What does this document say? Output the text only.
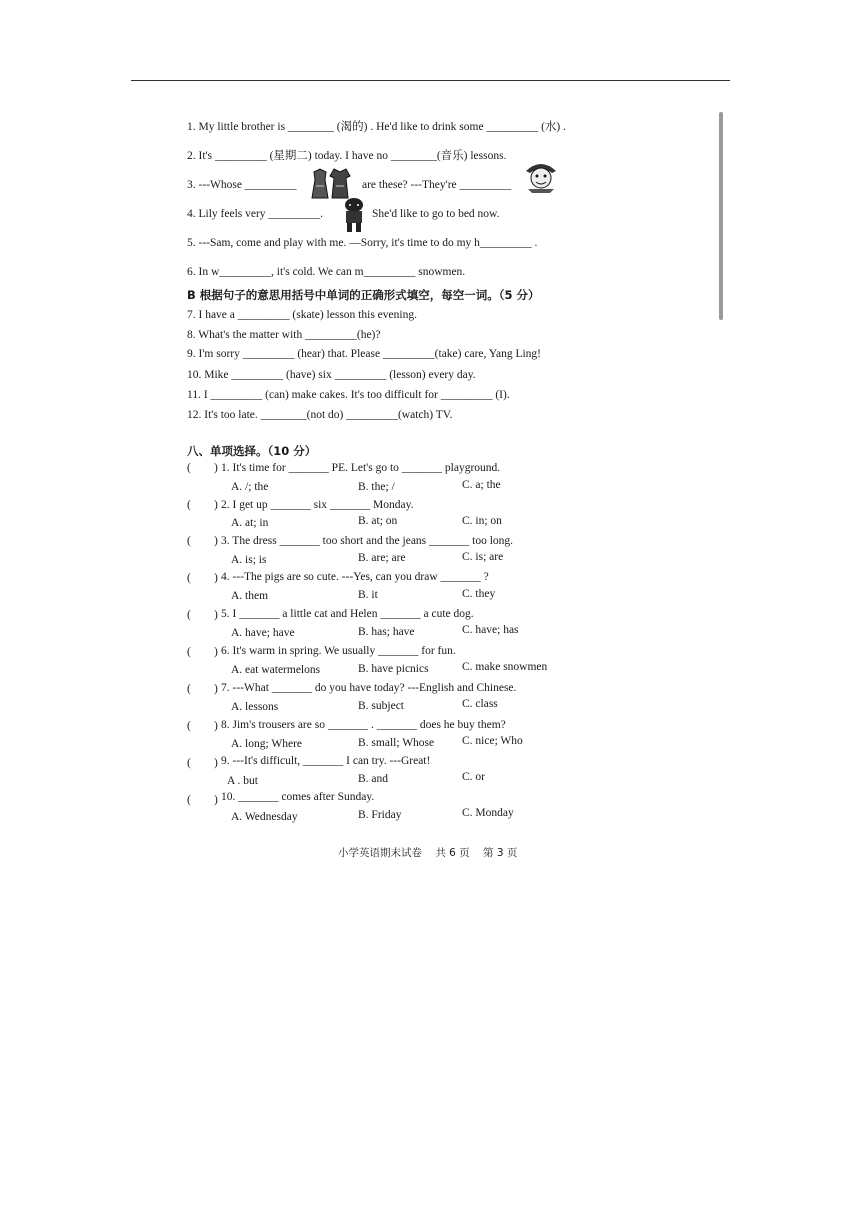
1. My little brother is ________ (渴的) . He'd like to drink some _________ (水) .
2. It's _________ (星期二) today. I have no ________(音乐) lessons.
3. ---Whose _________	are these? ---They're _________
4. Lily feels very _________.	She'd like to go to bed now.
5. ---Sam, come and play with me. —Sorry, it's time to do my h_________ .
6. In w_________, it's cold. We can m_________ snowmen.
B 根据句子的意思用括号中单词的正确形式填空，每空一词。（5 分）
7. I have a _________ (skate) lesson this evening.
8. What's the matter with _________(he)?
9. I'm sorry _________ (hear) that. Please _________(take) care, Yang Ling!
10. Mike _________ (have) six _________ (lesson) every day.
11. I _________ (can) make cakes. It's too difficult for _________ (I).
12. It's too late. ________(not do) _________(watch) TV.
八、单项选择。（10 分）
( ) 1. It's time for _______ PE. Let's go to _______ playground.
A. /; the	B. the; /	C. a; the
( ) 2. I get up _______ six _______ Monday.
A. at; in	B. at; on	C. in; on
( ) 3. The dress _______ too short and the jeans _______ too long.
A. is; is	B. are; are	C. is; are
( ) 4. ---The pigs are so cute. ---Yes, can you draw _______ ?
A. them	B. it	C. they
( ) 5. I _______ a little cat and Helen _______ a cute dog.
A. have; have	B. has; have	C. have; has
( ) 6. It's warm in spring. We usually _______ for fun.
A. eat watermelons	B. have picnics	C. make snowmen
( ) 7. ---What _______ do you have today? ---English and Chinese.
A. lessons	B. subject	C. class
( ) 8. Jim's trousers are so _______ . _______ does he buy them?
A. long; Where	B. small; Whose C. nice; Who
( ) 9. ---It's difficult, _______ I can try. ---Great!
A . but	B. and	C. or
( ) 10. _______ comes after Sunday.
A. Wednesday	B. Friday	C. Monday
小学英语期末试卷 共 6 页 第 3 页
